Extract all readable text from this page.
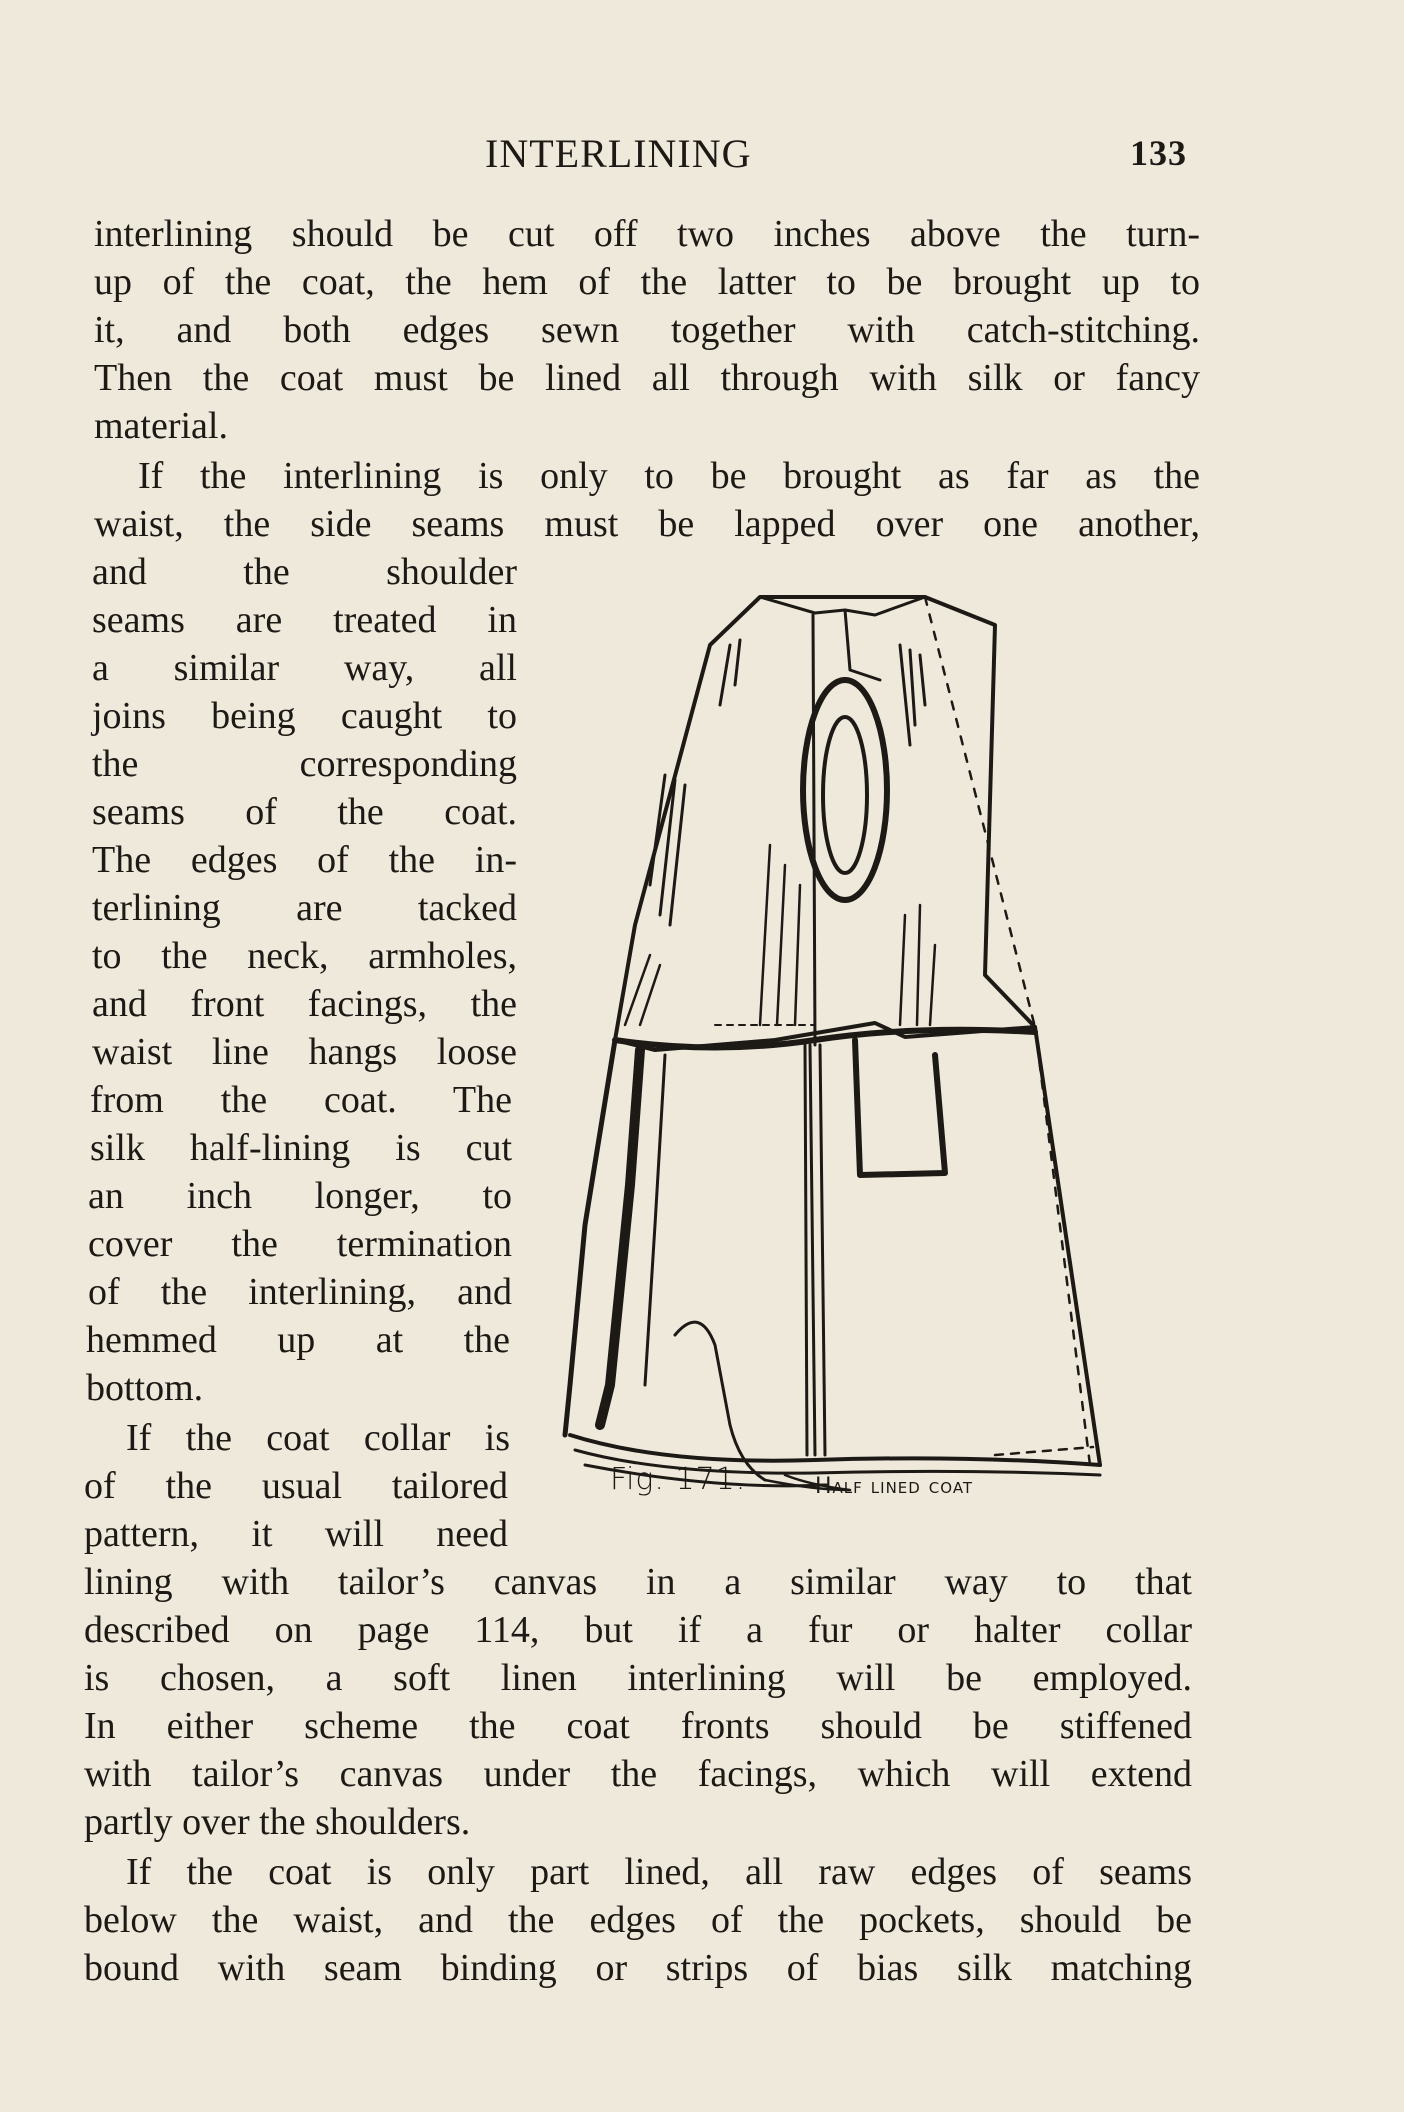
INTERLINING	133
interlining should be cut off two inches above the turn-
up of the coat, the hem of the latter to be brought up to
it, and both edges sewn together with catch-stitching.
Then the coat must be lined all through with silk or fancy
material.
If the interlining is only to be brought as far as the
waist, the side seams must be lapped over one another,
and the shoulder
seams are treated in
a similar way, all
joins being caught to
the corresponding
seams of the coat.
The edges of the in-
terlining are tacked
to the neck, armholes,
and front facings, the
waist line hangs loose
from the coat. The
silk half-lining is cut
an inch longer, to
cover the termination
of the interlining, and
hemmed up at the
bottom.
If the coat collar is
of the usual tailored
pattern, it will need
lining with tailor’s canvas in a similar way to that
described on page 114, but if a fur or halter collar
is chosen, a soft linen interlining will be employed.
In either scheme the coat fronts should be stiffened
with tailor’s canvas under the facings, which will extend
partly over the shoulders.
If the coat is only part lined, all raw edges of seams
below the waist, and the edges of the pockets, should be
bound with seam binding or strips of bias silk matching
Fig. 171.	Half lined coat
